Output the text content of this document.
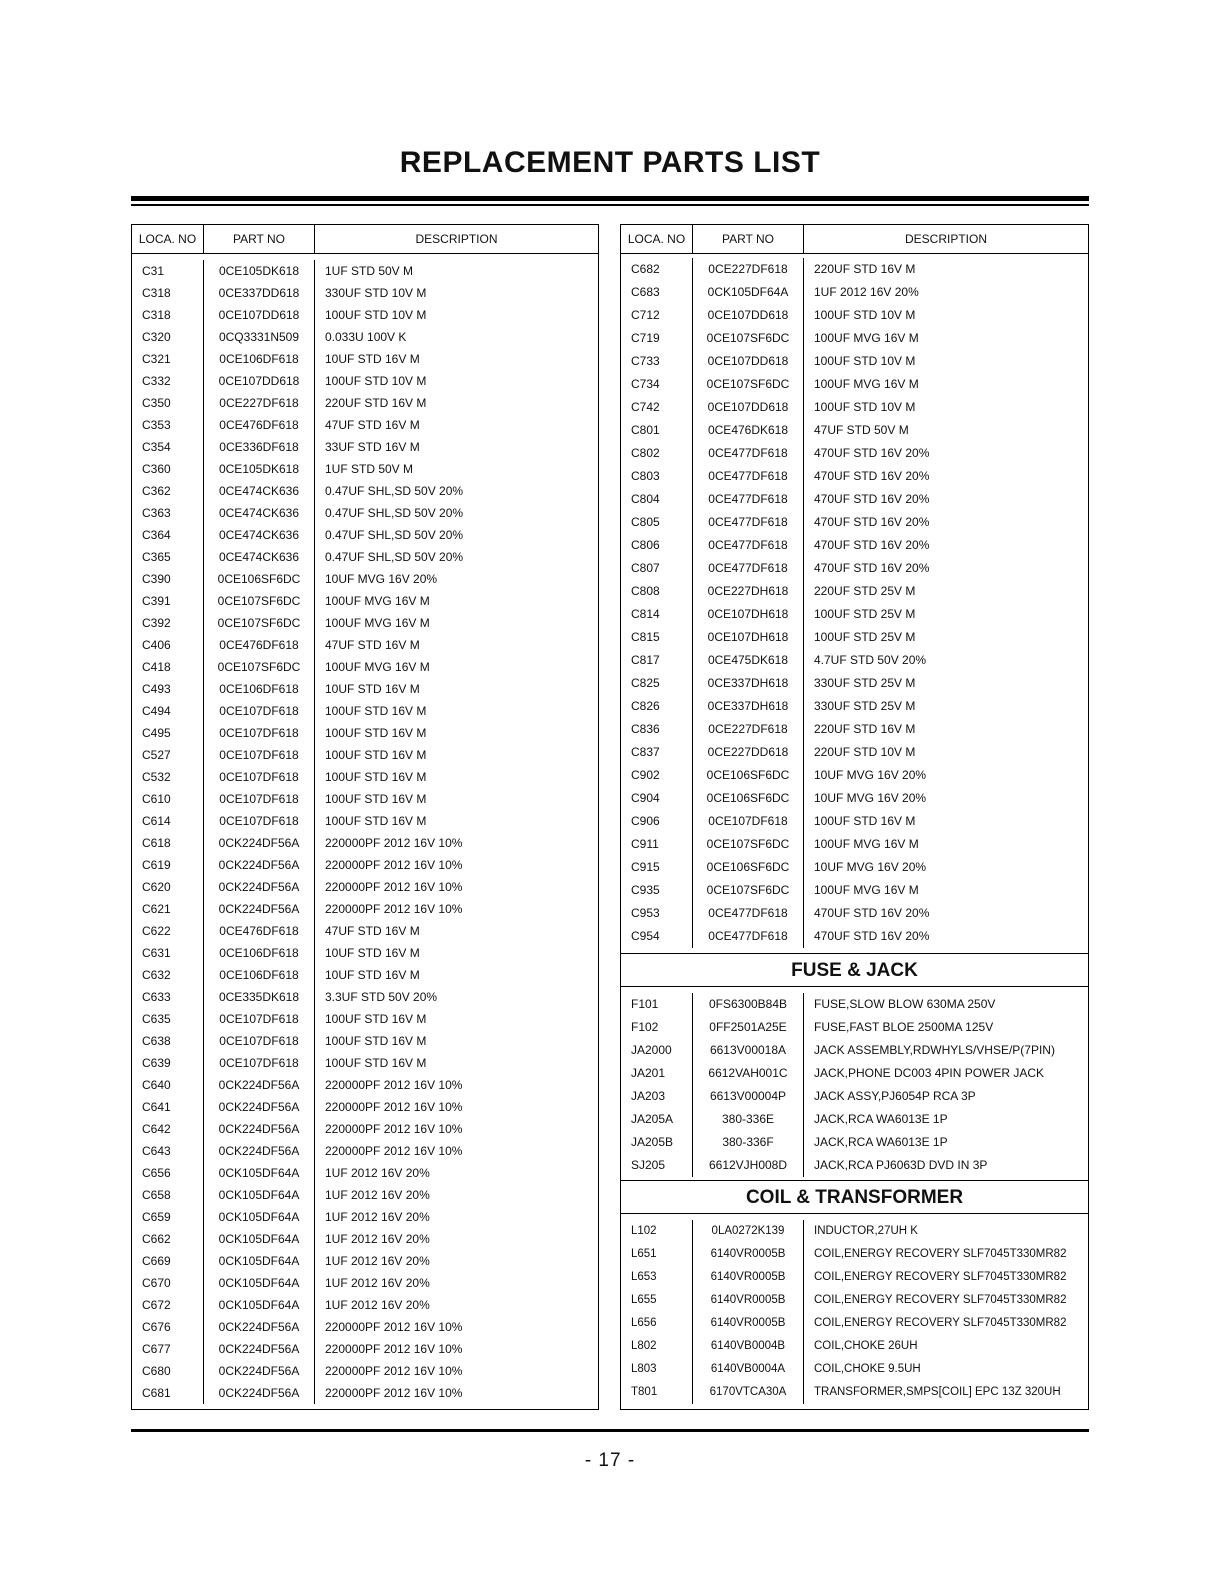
REPLACEMENT PARTS LIST
LOCA. NO	PART NO	DESCRIPTION
C31	0CE105DK618	1UF STD 50V M
C318	0CE337DD618	330UF STD 10V M
C318	0CE107DD618	100UF STD 10V M
C320	0CQ3331N509	0.033U 100V K
C321	0CE106DF618	10UF STD 16V M
C332	0CE107DD618	100UF STD 10V M
C350	0CE227DF618	220UF STD 16V M
C353	0CE476DF618	47UF STD 16V M
C354	0CE336DF618	33UF STD 16V M
C360	0CE105DK618	1UF STD 50V M
C362	0CE474CK636	0.47UF SHL,SD 50V 20%
C363	0CE474CK636	0.47UF SHL,SD 50V 20%
C364	0CE474CK636	0.47UF SHL,SD 50V 20%
C365	0CE474CK636	0.47UF SHL,SD 50V 20%
C390	0CE106SF6DC	10UF MVG 16V 20%
C391	0CE107SF6DC	100UF MVG 16V M
C392	0CE107SF6DC	100UF MVG 16V M
C406	0CE476DF618	47UF STD 16V M
C418	0CE107SF6DC	100UF MVG 16V M
C493	0CE106DF618	10UF STD 16V M
C494	0CE107DF618	100UF STD 16V M
C495	0CE107DF618	100UF STD 16V M
C527	0CE107DF618	100UF STD 16V M
C532	0CE107DF618	100UF STD 16V M
C610	0CE107DF618	100UF STD 16V M
C614	0CE107DF618	100UF STD 16V M
C618	0CK224DF56A	220000PF 2012 16V 10%
C619	0CK224DF56A	220000PF 2012 16V 10%
C620	0CK224DF56A	220000PF 2012 16V 10%
C621	0CK224DF56A	220000PF 2012 16V 10%
C622	0CE476DF618	47UF STD 16V M
C631	0CE106DF618	10UF STD 16V M
C632	0CE106DF618	10UF STD 16V M
C633	0CE335DK618	3.3UF STD 50V 20%
C635	0CE107DF618	100UF STD 16V M
C638	0CE107DF618	100UF STD 16V M
C639	0CE107DF618	100UF STD 16V M
C640	0CK224DF56A	220000PF 2012 16V 10%
C641	0CK224DF56A	220000PF 2012 16V 10%
C642	0CK224DF56A	220000PF 2012 16V 10%
C643	0CK224DF56A	220000PF 2012 16V 10%
C656	0CK105DF64A	1UF 2012 16V 20%
C658	0CK105DF64A	1UF 2012 16V 20%
C659	0CK105DF64A	1UF 2012 16V 20%
C662	0CK105DF64A	1UF 2012 16V 20%
C669	0CK105DF64A	1UF 2012 16V 20%
C670	0CK105DF64A	1UF 2012 16V 20%
C672	0CK105DF64A	1UF 2012 16V 20%
C676	0CK224DF56A	220000PF 2012 16V 10%
C677	0CK224DF56A	220000PF 2012 16V 10%
C680	0CK224DF56A	220000PF 2012 16V 10%
C681	0CK224DF56A	220000PF 2012 16V 10%
LOCA. NO	PART NO	DESCRIPTION
C682	0CE227DF618	220UF STD 16V M
C683	0CK105DF64A	1UF 2012 16V 20%
C712	0CE107DD618	100UF STD 10V M
C719	0CE107SF6DC	100UF MVG 16V M
C733	0CE107DD618	100UF STD 10V M
C734	0CE107SF6DC	100UF MVG 16V M
C742	0CE107DD618	100UF STD 10V M
C801	0CE476DK618	47UF STD 50V M
C802	0CE477DF618	470UF STD 16V 20%
C803	0CE477DF618	470UF STD 16V 20%
C804	0CE477DF618	470UF STD 16V 20%
C805	0CE477DF618	470UF STD 16V 20%
C806	0CE477DF618	470UF STD 16V 20%
C807	0CE477DF618	470UF STD 16V 20%
C808	0CE227DH618	220UF STD 25V M
C814	0CE107DH618	100UF STD 25V M
C815	0CE107DH618	100UF STD 25V M
C817	0CE475DK618	4.7UF STD 50V 20%
C825	0CE337DH618	330UF STD 25V M
C826	0CE337DH618	330UF STD 25V M
C836	0CE227DF618	220UF STD 16V M
C837	0CE227DD618	220UF STD 10V M
C902	0CE106SF6DC	10UF MVG 16V 20%
C904	0CE106SF6DC	10UF MVG 16V 20%
C906	0CE107DF618	100UF STD 16V M
C911	0CE107SF6DC	100UF MVG 16V M
C915	0CE106SF6DC	10UF MVG 16V 20%
C935	0CE107SF6DC	100UF MVG 16V M
C953	0CE477DF618	470UF STD 16V 20%
C954	0CE477DF618	470UF STD 16V 20%
FUSE & JACK
F101	0FS6300B84B	FUSE,SLOW BLOW 630MA 250V
F102	0FF2501A25E	FUSE,FAST BLOE 2500MA 125V
JA2000	6613V00018A	JACK ASSEMBLY,RDWHYLS/VHSE/P(7PIN)
JA201	6612VAH001C	JACK,PHONE DC003 4PIN POWER JACK
JA203	6613V00004P	JACK ASSY,PJ6054P RCA 3P
JA205A	380-336E	JACK,RCA WA6013E 1P
JA205B	380-336F	JACK,RCA WA6013E 1P
SJ205	6612VJH008D	JACK,RCA PJ6063D DVD IN 3P
COIL & TRANSFORMER
L102	0LA0272K139	INDUCTOR,27UH K
L651	6140VR0005B	COIL,ENERGY RECOVERY SLF7045T330MR82
L653	6140VR0005B	COIL,ENERGY RECOVERY SLF7045T330MR82
L655	6140VR0005B	COIL,ENERGY RECOVERY SLF7045T330MR82
L656	6140VR0005B	COIL,ENERGY RECOVERY SLF7045T330MR82
L802	6140VB0004B	COIL,CHOKE 26UH
L803	6140VB0004A	COIL,CHOKE 9.5UH
T801	6170VTCA30A	TRANSFORMER,SMPS[COIL] EPC 13Z 320UH
- 17 -
